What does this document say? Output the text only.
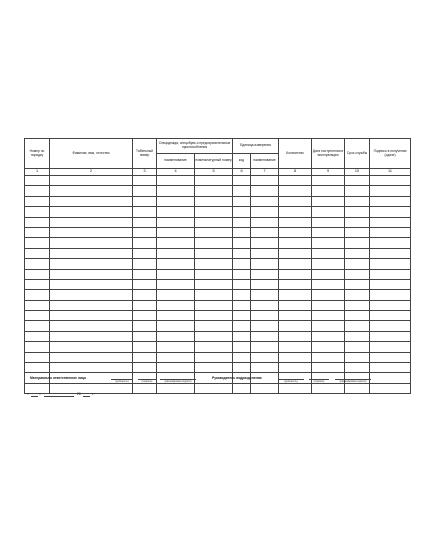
Номер по порядку	Фамилия, имя, отчество	Табельный номер	Спецодежда, спецобувь и предохранительные приспособления		Единица измерения		Количество	Дата поступления в эксплуатацию	Срок службы	Подпись в получении (сдаче)
			наименование	номенклатурный номер	код	наименование				
1	2	3	4	5	6	7	8	9	10	11

Материально ответственное лицо
(должность)	(подпись)	(расшифровка подписи)
Руководитель подразделения
(должность)	(подпись)	(расшифровка подписи)
«	»	20	г.
